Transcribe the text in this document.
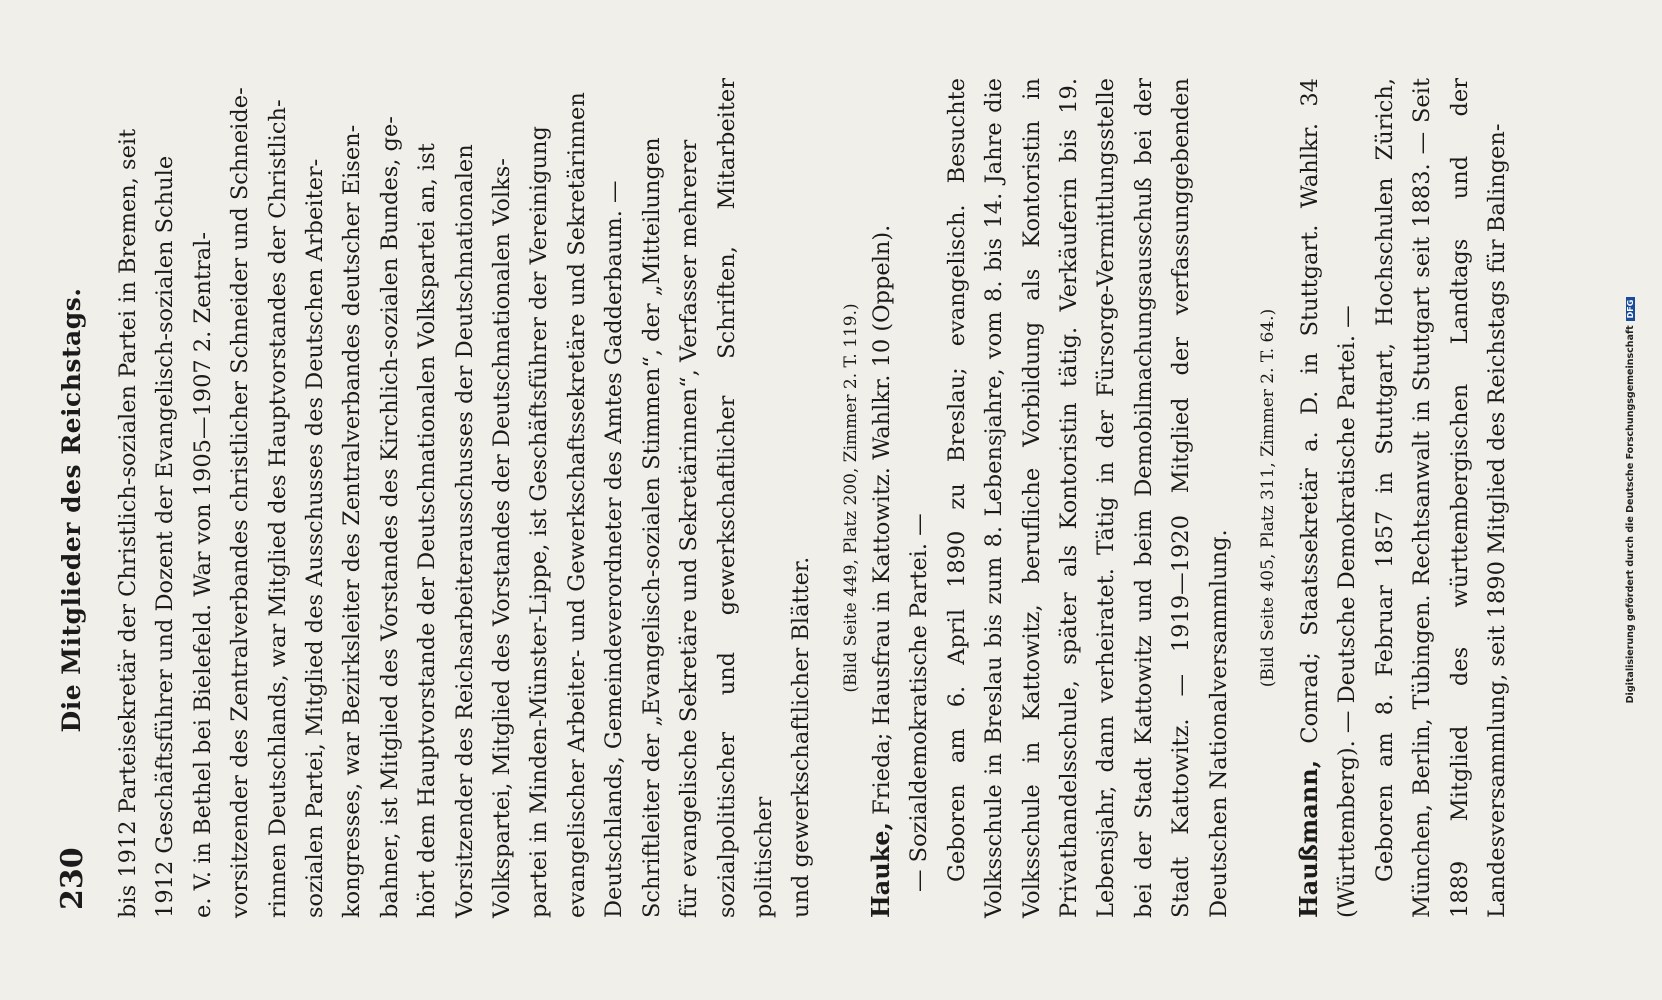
230
Die Mitglieder des Reichstags. bis 1912 Parteisekretär der Christlich-sozialen Partei in Bremen, seit 1912 Geschäftsführer und Dozent der Evangelisch-sozialen Schule e. V. in Bethel bei Bielefeld. War von 1905—1907 2. Zentral- vorsitzender des Zentralverbandes christlicher Schneider und Schneide- rinnen Deutschlands, war Mitglied des Hauptvorstandes der Christlich- sozialen Partei, Mitglied des Ausschusses des Deutschen Arbeiter- kongresses, war Bezirksleiter des Zentralverbandes deutscher Eisen- bahner, ist Mitglied des Vorstandes des Kirchlich-sozialen Bundes, ge- hört dem Hauptvorstande der Deutschnationalen Volkspartei an, ist Vorsitzender des Reichsarbeiterausschusses der Deutschnationalen Volkspartei, Mitglied des Vorstandes der Deutschnationalen Volks- partei in Minden-Münster-Lippe, ist Geschäftsführer der Vereinigung evangelischer Arbeiter- und Gewerkschaftssekretäre und Sekretärinnen Deutschlands, Gemeindeverordneter des Amtes Gadderbaum. — Schriftleiter der „Evangelisch-sozialen Stimmen“, der „Mitteilungen für evangelische Sekretäre und Sekretärinnen“, Verfasser mehrerer sozialpolitischer und gewerkschaftlicher Schriften, Mitarbeiter politischer und gewerkschaftlicher Blätter.
(Bild Seite 449, Platz 200, Zimmer 2. T. 119.)

Hauke, Frieda; Hausfrau in Kattowitz. Wahlkr. 10 (Oppeln). — Sozialdemokratische Partei. — Geboren am 6. April 1890 zu Breslau; evangelisch. Besuchte Volksschule in Breslau bis zum 8. Lebensjahre, vom 8. bis 14. Jahre die Volksschule in Kattowitz, berufliche Vorbildung als Kontoristin in Privathandelsschule, später als Kontoristin tätig. Verkäuferin bis 19. Lebensjahr, dann verheiratet. Tätig in der Fürsorge-Vermittlungsstelle bei der Stadt Kattowitz und beim Demobilmachungsausschuß bei der Stadt Kattowitz. — 1919—1920 Mitglied der verfassunggebenden Deutschen Nationalversammlung.

(Bild Seite 405, Platz 311, Zimmer 2. T. 64.)

Haußmann, Conrad; Staatssekretär a. D. in Stuttgart. Wahlkr. 34 (Württemberg). — Deutsche Demokratische Partei. — Geboren am 8. Februar 1857 in Stuttgart, Hochschulen Zürich, München, Berlin, Tübingen. Rechtsanwalt in Stuttgart seit 1883. — Seit 1889 Mitglied des württembergischen Landtags und der Landesversammlung, seit 1890 Mitglied des Reichstags für Balingen-	Digitalisierung gefördert durch die Deutsche ForschungsgemeinschaftDFG
